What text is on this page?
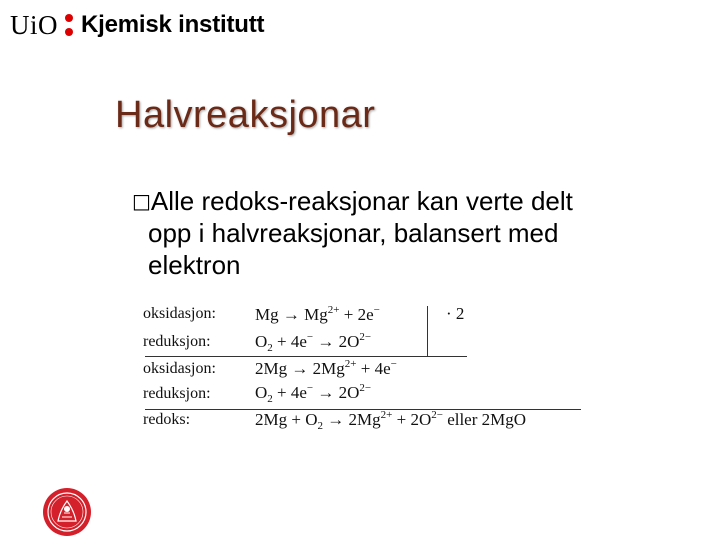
UiO Kjemisk institutt
Halvreaksjonar
□Alle redoks-reaksjonar kan verte delt
opp i halvreaksjonar, balansert med
elektron
oksidasjon:	$Mg \to Mg^{2+} + 2e^-$	· 2
reduksjon:	$O_2 + 4e^- \to 2O^{2-}$
oksidasjon:	$2Mg \to 2Mg^{2+} + 4e^-$
reduksjon:	$O_2 + 4e^- \to 2O^{2-}$
redoks:	$2Mg + O_2 \to 2Mg^{2+} + 2O^{2-}$ eller 2MgO
